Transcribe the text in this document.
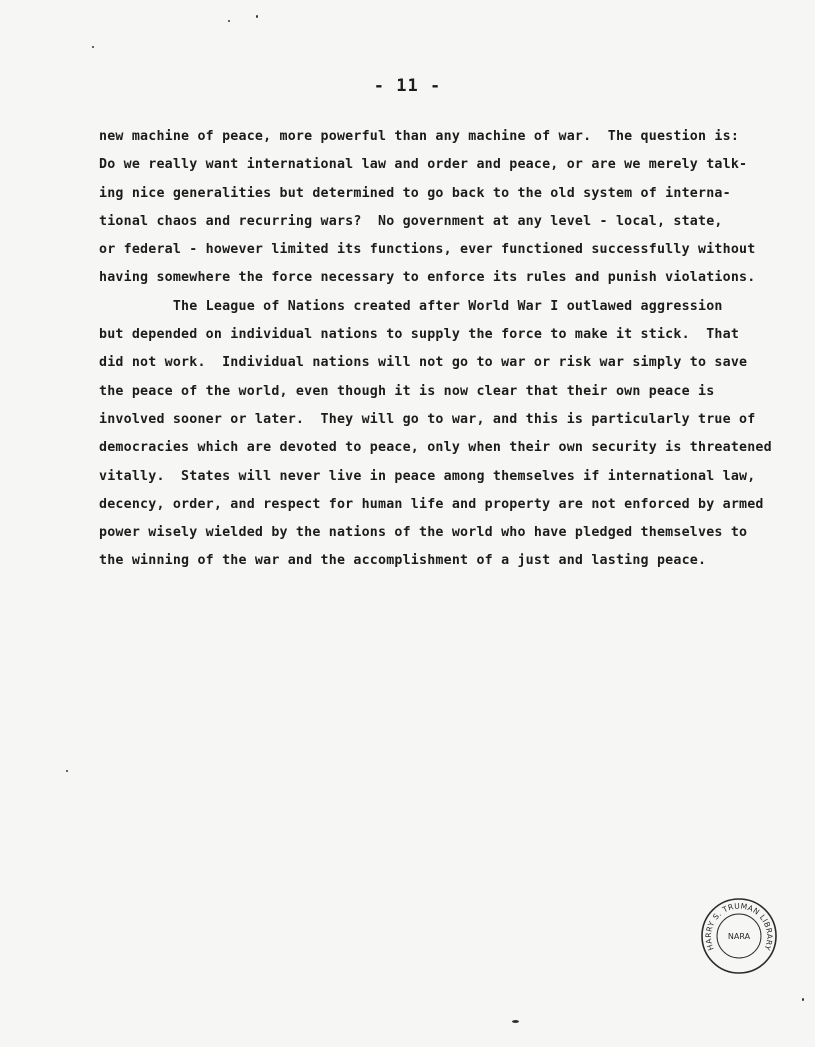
- 11 -
new machine of peace, more powerful than any machine of war.  The question is:
Do we really want international law and order and peace, or are we merely talk-
ing nice generalities but determined to go back to the old system of interna-
tional chaos and recurring wars?  No government at any level - local, state,
or federal - however limited its functions, ever functioned successfully without
having somewhere the force necessary to enforce its rules and punish violations.
The League of Nations created after World War I outlawed aggression
but depended on individual nations to supply the force to make it stick.  That
did not work.  Individual nations will not go to war or risk war simply to save
the peace of the world, even though it is now clear that their own peace is
involved sooner or later.  They will go to war, and this is particularly true of
democracies which are devoted to peace, only when their own security is threatened
vitally.  States will never live in peace among themselves if international law,
decency, order, and respect for human life and property are not enforced by armed
power wisely wielded by the nations of the world who have pledged themselves to
the winning of the war and the accomplishment of a just and lasting peace.
HARRY S. TRUMAN LIBRARY
NARA
